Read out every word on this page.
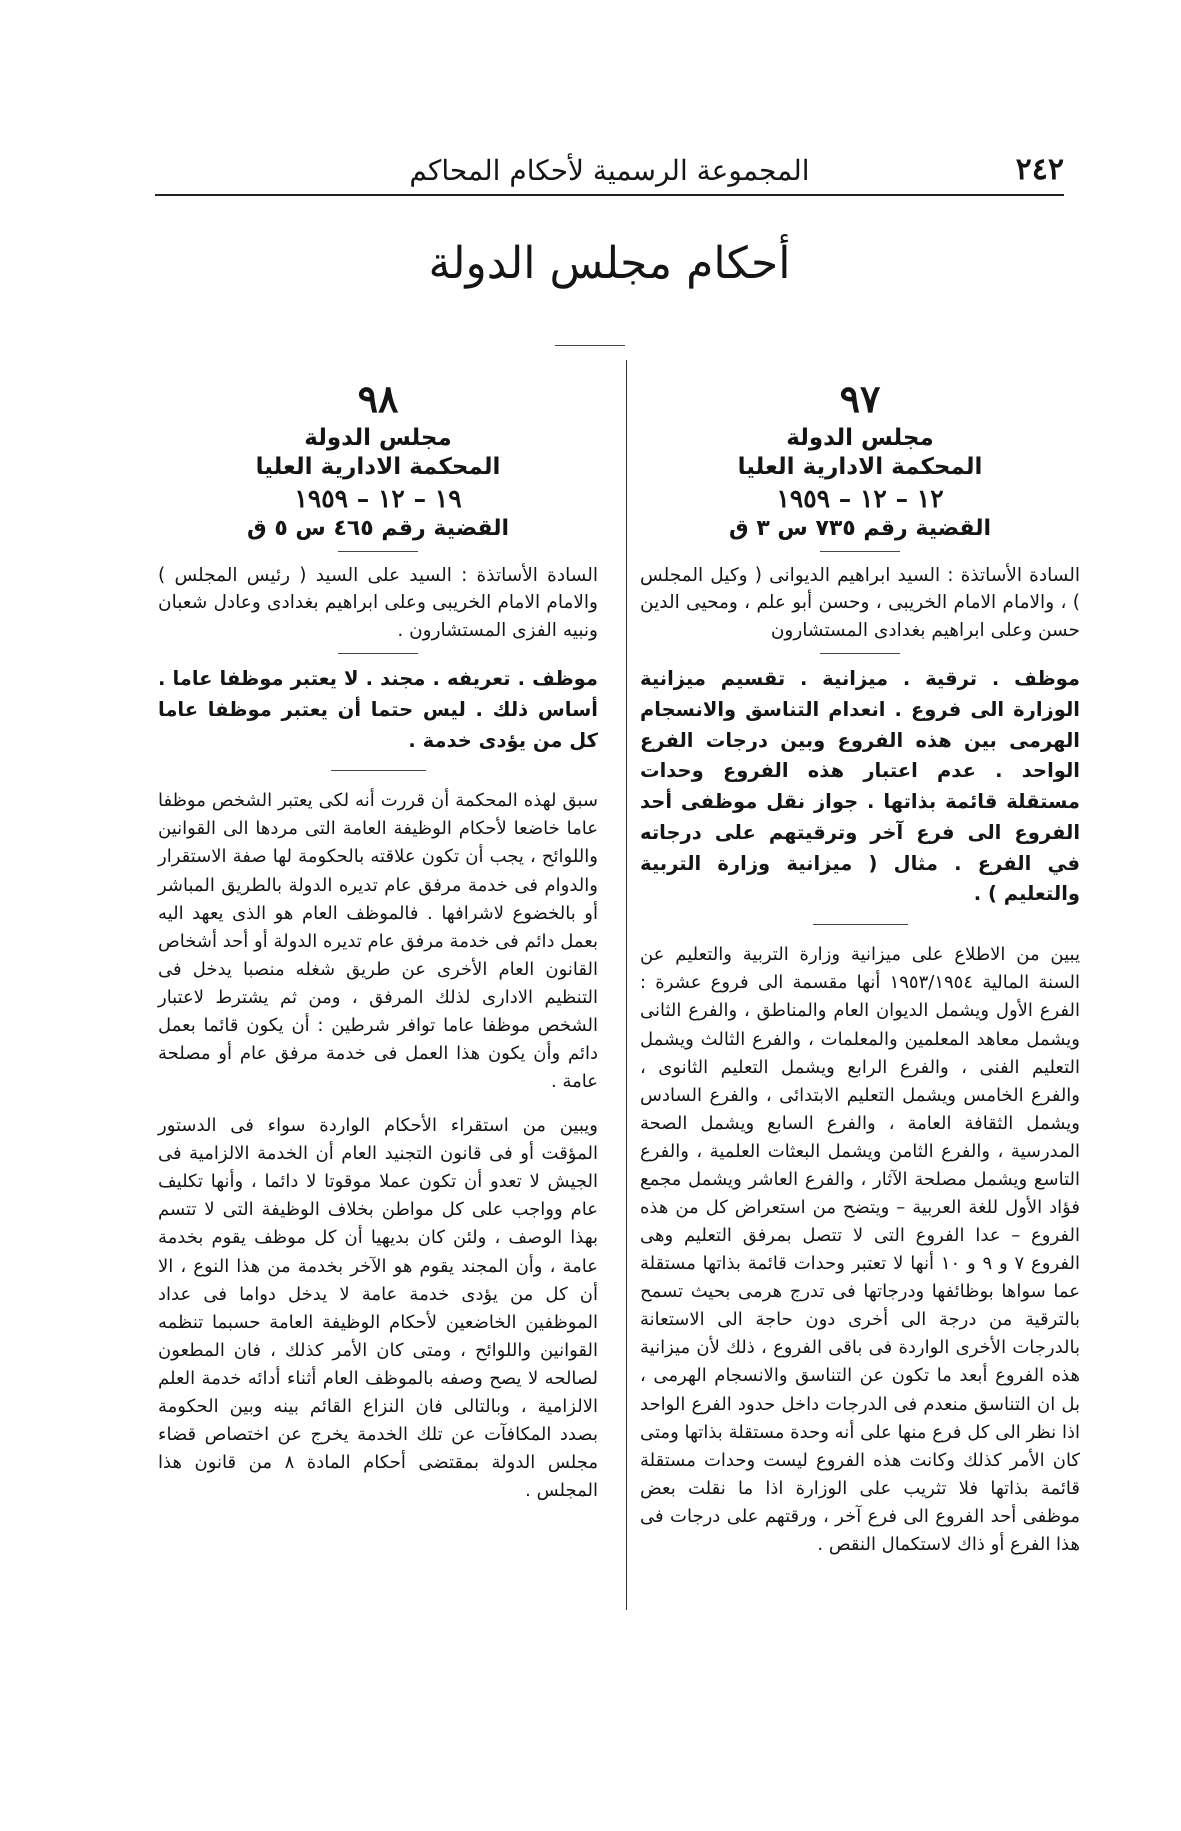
٢٤٢
المجموعة الرسمية لأحكام المحاكم
أحكام مجلس الدولة
٩٧
مجلس الدولة
المحكمة الادارية العليا
١٢ – ١٢ – ١٩٥٩
القضية رقم ٧٣٥ س ٣ ق

السادة الأساتذة : السيد ابراهيم الديوانى ( وكيل المجلس ) ، والامام الامام الخريبى ، وحسن أبو علم ، ومحيى الدين حسن وعلى ابراهيم بغدادى المستشارون

موظف . ترقية . ميزانية . تقسيم ميزانية الوزارة الى فروع . انعدام التناسق والانسجام الهرمى بين هذه الفروع وبين درجات الفرع الواحد . عدم اعتبار هذه الفروع وحدات مستقلة قائمة بذاتها . جواز نقل موظفى أحد الفروع الى فرع آخر وترقيتهم على درجاته في الفرع . مثال ( ميزانية وزارة التربية والتعليم ) .

يبين من الاطلاع على ميزانية وزارة التربية والتعليم عن السنة المالية ١٩٥٣/١٩٥٤ أنها مقسمة الى فروع عشرة : الفرع الأول ويشمل الديوان العام والمناطق ، والفرع الثانى ويشمل معاهد المعلمين والمعلمات ، والفرع الثالث ويشمل التعليم الفنى ، والفرع الرابع ويشمل التعليم الثانوى ، والفرع الخامس ويشمل التعليم الابتدائى ، والفرع السادس ويشمل الثقافة العامة ، والفرع السابع ويشمل الصحة المدرسية ، والفرع الثامن ويشمل البعثات العلمية ، والفرع التاسع ويشمل مصلحة الآثار ، والفرع العاشر ويشمل مجمع فؤاد الأول للغة العربية – ويتضح من استعراض كل من هذه الفروع – عدا الفروع التى لا تتصل بمرفق التعليم وهى الفروع ٧ و ٩ و ١٠ أنها لا تعتبر وحدات قائمة بذاتها مستقلة عما سواها بوظائفها ودرجاتها فى تدرج هرمى بحيث تسمح بالترقية من درجة الى أخرى دون حاجة الى الاستعانة بالدرجات الأخرى الواردة فى باقى الفروع ، ذلك لأن ميزانية هذه الفروع أبعد ما تكون عن التناسق والانسجام الهرمى ، بل ان التناسق منعدم فى الدرجات داخل حدود الفرع الواحد اذا نظر الى كل فرع منها على أنه وحدة مستقلة بذاتها ومتى كان الأمر كذلك وكانت هذه الفروع ليست وحدات مستقلة قائمة بذاتها فلا تثريب على الوزارة اذا ما نقلت بعض موظفى أحد الفروع الى فرع آخر ، ورقتهم على درجات فى هذا الفرع أو ذاك لاستكمال النقص .

٩٨
مجلس الدولة
المحكمة الادارية العليا
١٩ – ١٢ – ١٩٥٩
القضية رقم ٤٦٥ س ٥ ق

السادة الأساتذة : السيد على السيد ( رئيس المجلس ) والامام الامام الخريبى وعلى ابراهيم بغدادى وعادل شعبان ونبيه الفزى المستشارون .

موظف . تعريفه . مجند . لا يعتبر موظفا عاما . أساس ذلك . ليس حتما أن يعتبر موظفا عاما كل من يؤدى خدمة .

سبق لهذه المحكمة أن قررت أنه لكى يعتبر الشخص موظفا عاما خاضعا لأحكام الوظيفة العامة التى مردها الى القوانين واللوائح ، يجب أن تكون علاقته بالحكومة لها صفة الاستقرار والدوام فى خدمة مرفق عام تديره الدولة بالطريق المباشر أو بالخضوع لاشرافها . فالموظف العام هو الذى يعهد اليه بعمل دائم فى خدمة مرفق عام تديره الدولة أو أحد أشخاص القانون العام الأخرى عن طريق شغله منصبا يدخل فى التنظيم الادارى لذلك المرفق ، ومن ثم يشترط لاعتبار الشخص موظفا عاما توافر شرطين : أن يكون قائما بعمل دائم وأن يكون هذا العمل فى خدمة مرفق عام أو مصلحة عامة .

ويبين من استقراء الأحكام الواردة سواء فى الدستور المؤقت أو فى قانون التجنيد العام أن الخدمة الالزامية فى الجيش لا تعدو أن تكون عملا موقوتا لا دائما ، وأنها تكليف عام وواجب على كل مواطن بخلاف الوظيفة التى لا تتسم بهذا الوصف ، ولئن كان بديهيا أن كل موظف يقوم بخدمة عامة ، وأن المجند يقوم هو الآخر بخدمة من هذا النوع ، الا أن كل من يؤدى خدمة عامة لا يدخل دواما فى عداد الموظفين الخاضعين لأحكام الوظيفة العامة حسبما تنظمه القوانين واللوائح ، ومتى كان الأمر كذلك ، فان المطعون لصالحه لا يصح وصفه بالموظف العام أثناء أدائه خدمة العلم الالزامية ، وبالتالى فان النزاع القائم بينه وبين الحكومة بصدد المكافآت عن تلك الخدمة يخرج عن اختصاص قضاء مجلس الدولة بمقتضى أحكام المادة ٨ من قانون هذا المجلس .
